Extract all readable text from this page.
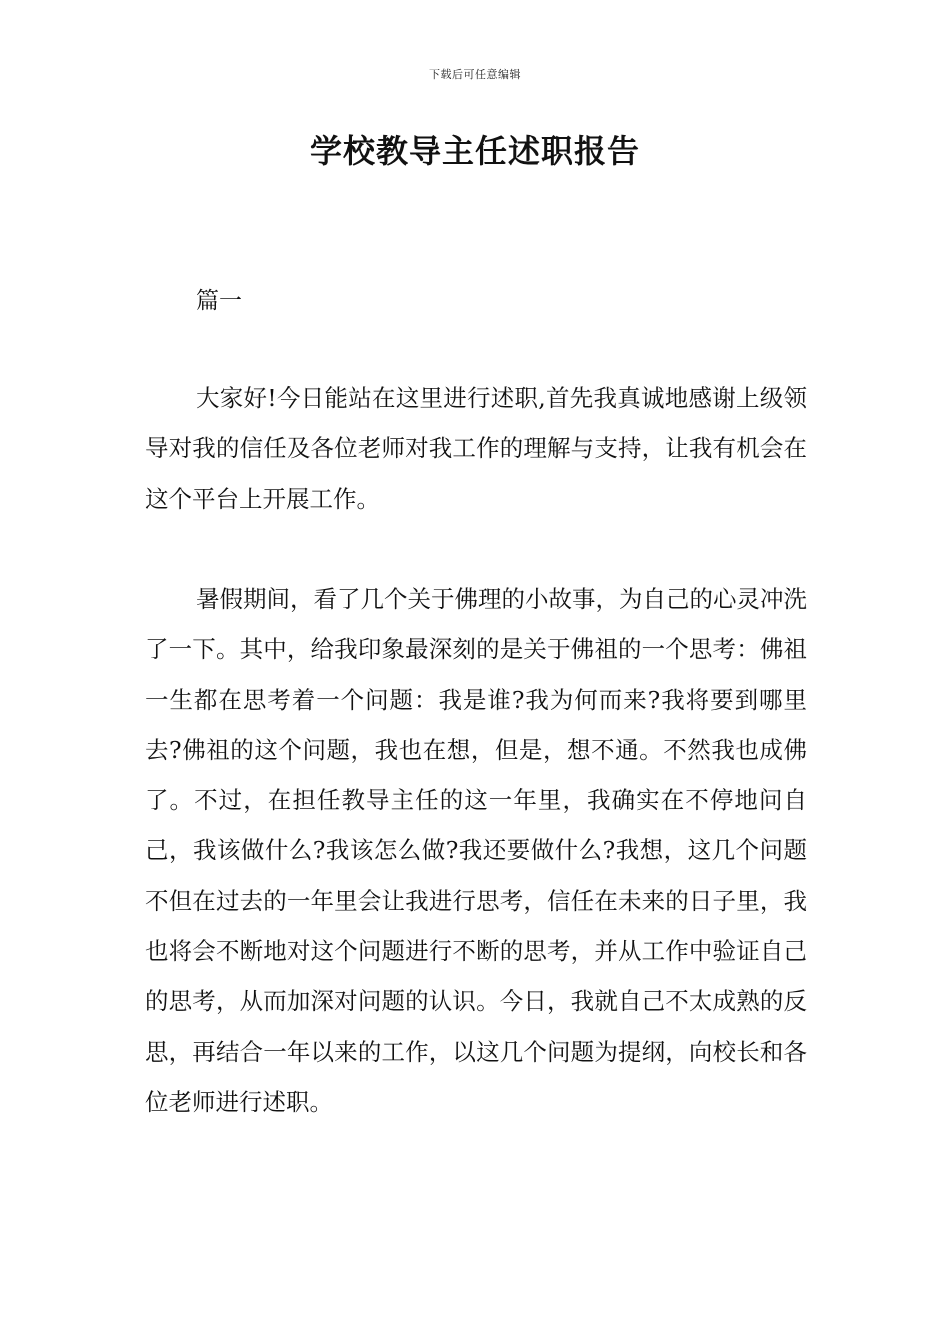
下载后可任意编辑
学校教导主任述职报告
篇一

大家好!今日能站在这里进行述职,首先我真诚地感谢上级领导对我的信任及各位老师对我工作的理解与支持，让我有机会在这个平台上开展工作。

暑假期间，看了几个关于佛理的小故事，为自己的心灵冲洗了一下。其中，给我印象最深刻的是关于佛祖的一个思考：佛祖一生都在思考着一个问题：我是谁?我为何而来?我将要到哪里去?佛祖的这个问题，我也在想，但是，想不通。不然我也成佛了。不过，在担任教导主任的这一年里，我确实在不停地问自己，我该做什么?我该怎么做?我还要做什么?我想，这几个问题不但在过去的一年里会让我进行思考，信任在未来的日子里，我也将会不断地对这个问题进行不断的思考，并从工作中验证自己的思考，从而加深对问题的认识。今日，我就自己不太成熟的反思，再结合一年以来的工作，以这几个问题为提纲，向校长和各位老师进行述职。
